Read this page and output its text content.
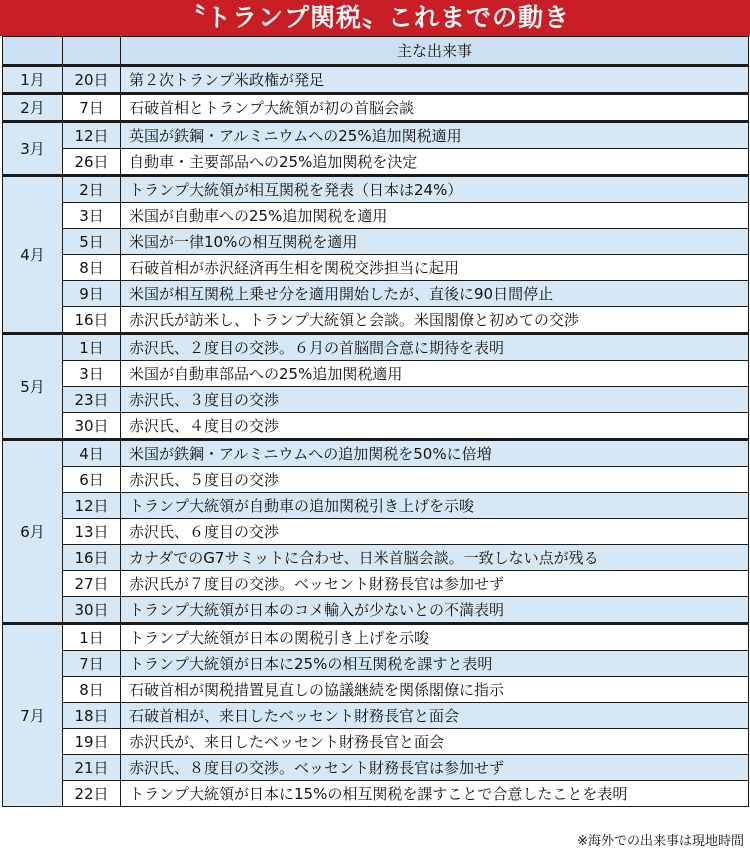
〝トランプ関税〟これまでの動き
		主な出来事
1月	20日	第２次トランプ米政権が発足
2月	7日	石破首相とトランプ大統領が初の首脳会談
3月	12日	英国が鉄鋼・アルミニウムへの25%追加関税適用
	26日	自動車・主要部品への25%追加関税を決定
4月	2日	トランプ大統領が相互関税を発表（日本は24%）
	3日	米国が自動車への25%追加関税を適用
	5日	米国が一律10%の相互関税を適用
	8日	石破首相が赤沢経済再生相を関税交渉担当に起用
	9日	米国が相互関税上乗せ分を適用開始したが、直後に90日間停止
	16日	赤沢氏が訪米し、トランプ大統領と会談。米国閣僚と初めての交渉
5月	1日	赤沢氏、２度目の交渉。６月の首脳間合意に期待を表明
	3日	米国が自動車部品への25%追加関税適用
	23日	赤沢氏、３度目の交渉
	30日	赤沢氏、４度目の交渉
6月	4日	米国が鉄鋼・アルミニウムへの追加関税を50%に倍増
	6日	赤沢氏、５度目の交渉
	12日	トランプ大統領が自動車の追加関税引き上げを示唆
	13日	赤沢氏、６度目の交渉
	16日	カナダでのG7サミットに合わせ、日米首脳会談。一致しない点が残る
	27日	赤沢氏が７度目の交渉。ベッセント財務長官は参加せず
	30日	トランプ大統領が日本のコメ輸入が少ないとの不満表明
7月	1日	トランプ大統領が日本の関税引き上げを示唆
	7日	トランプ大統領が日本に25%の相互関税を課すと表明
	8日	石破首相が関税措置見直しの協議継続を関係閣僚に指示
	18日	石破首相が、来日したベッセント財務長官と面会
	19日	赤沢氏が、来日したベッセント財務長官と面会
	21日	赤沢氏、８度目の交渉。ベッセント財務長官は参加せず
	22日	トランプ大統領が日本に15%の相互関税を課すことで合意したことを表明
※海外での出来事は現地時間
